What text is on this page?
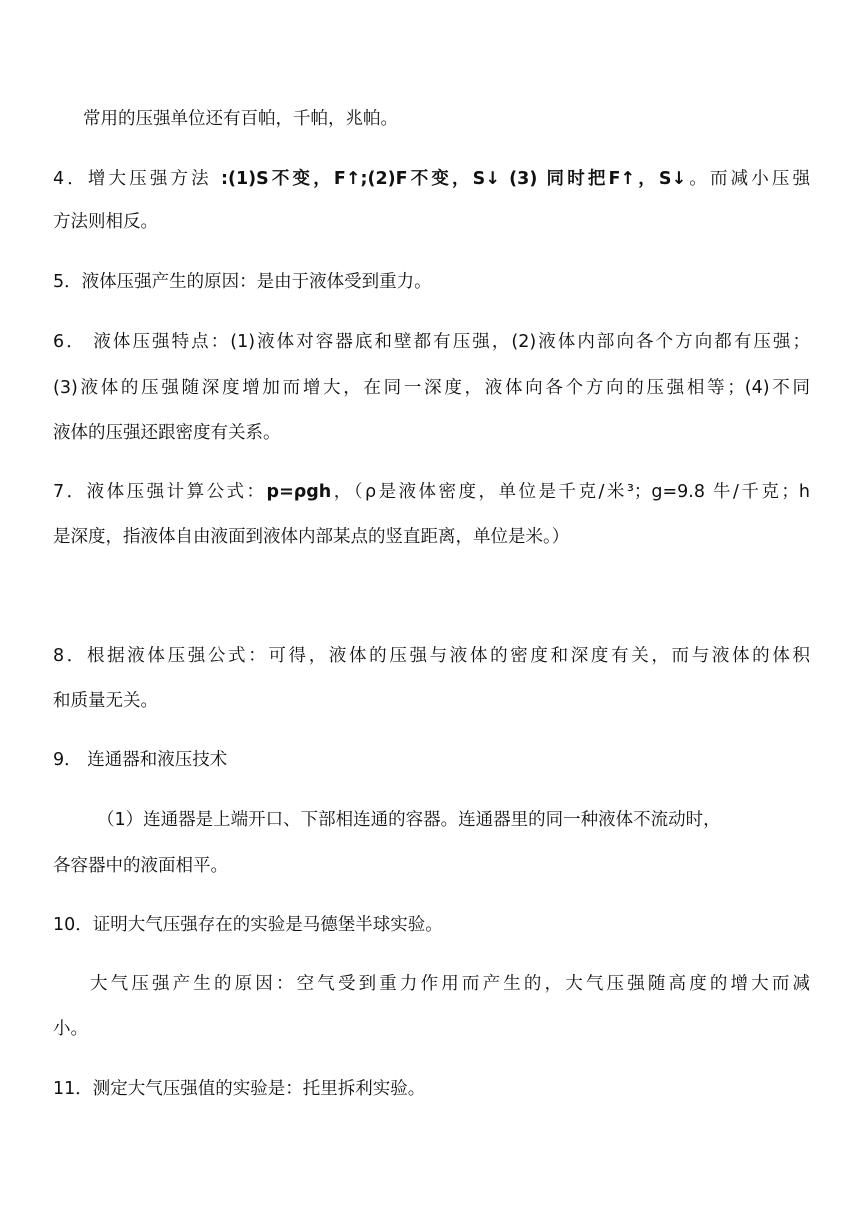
常用的压强单位还有百帕，千帕，兆帕。

4．增大压强方法 :(1)S不变，F↑;(2)F不变，S↓ (3) 同时把F↑，S↓。而减小压强

方法则相反。

5．液体压强产生的原因：是由于液体受到重力。

6． 液体压强特点：(1)液体对容器底和壁都有压强，(2)液体内部向各个方向都有压强；

(3)液体的压强随深度增加而增大，在同一深度，液体向各个方向的压强相等；(4)不同

液体的压强还跟密度有关系。

7．液体压强计算公式：p=ρgh，（ρ是液体密度，单位是千克/米³；g=9.8 牛/千克；h

是深度，指液体自由液面到液体内部某点的竖直距离，单位是米。）

8．根据液体压强公式：可得，液体的压强与液体的密度和深度有关，而与液体的体积

和质量无关。

9． 连通器和液压技术

（1）连通器是上端开口、下部相连通的容器。连通器里的同一种液体不流动时，

各容器中的液面相平。

10．证明大气压强存在的实验是马德堡半球实验。

大气压强产生的原因：空气受到重力作用而产生的，大气压强随高度的增大而减

小。

11．测定大气压强值的实验是：托里拆利实验。
